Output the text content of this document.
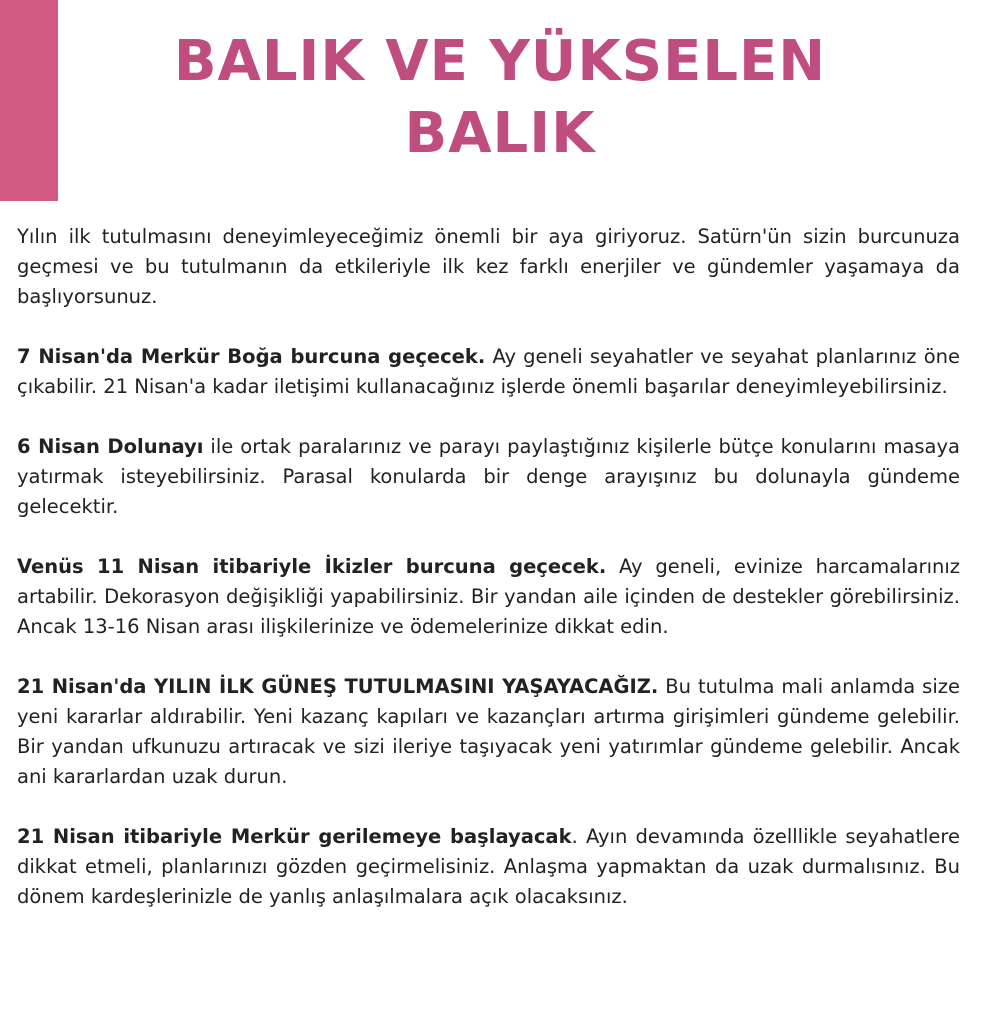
BALIK VE YÜKSELEN
BALIK

Yılın ilk tutulmasını deneyimleyeceğimiz önemli bir aya giriyoruz. Satürn'ün sizin burcunuza geçmesi ve bu tutulmanın da etkileriyle ilk kez farklı enerjiler ve gündemler yaşamaya da başlıyorsunuz.

7 Nisan'da Merkür Boğa burcuna geçecek. Ay geneli seyahatler ve seyahat planlarınız öne çıkabilir. 21 Nisan'a kadar iletişimi kullanacağınız işlerde önemli başarılar deneyimleyebilirsiniz.

6 Nisan Dolunayı ile ortak paralarınız ve parayı paylaştığınız kişilerle bütçe konularını masaya yatırmak isteyebilirsiniz. Parasal konularda bir denge arayışınız bu dolunayla gündeme gelecektir.

Venüs 11 Nisan itibariyle İkizler burcuna geçecek. Ay geneli, evinize harcamalarınız artabilir. Dekorasyon değişikliği yapabilirsiniz. Bir yandan aile içinden de destekler görebilirsiniz. Ancak 13-16 Nisan arası ilişkilerinize ve ödemelerinize dikkat edin.

21 Nisan'da YILIN İLK GÜNEŞ TUTULMASINI YAŞAYACAĞIZ. Bu tutulma mali anlamda size yeni kararlar aldırabilir. Yeni kazanç kapıları ve kazançları artırma girişimleri gündeme gelebilir. Bir yandan ufkunuzu artıracak ve sizi ileriye taşıyacak yeni yatırımlar gündeme gelebilir. Ancak ani kararlardan uzak durun.

21 Nisan itibariyle Merkür gerilemeye başlayacak. Ayın devamında özelllikle seyahatlere dikkat etmeli, planlarınızı gözden geçirmelisiniz. Anlaşma yapmaktan da uzak durmalısınız. Bu dönem kardeşlerinizle de yanlış anlaşılmalara açık olacaksınız.
